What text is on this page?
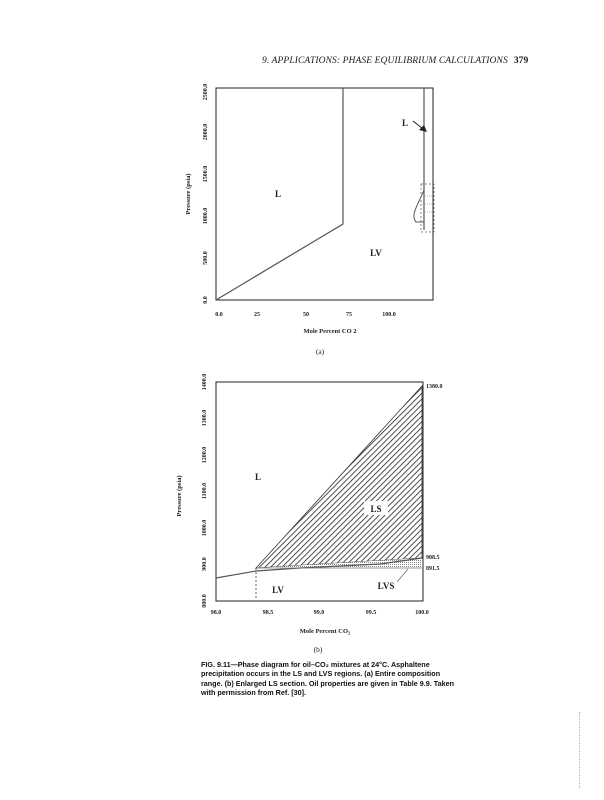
9. APPLICATIONS: PHASE EQUILIBRIUM CALCULATIONS 379
0.0
500.0
1000.0
1500.0
2000.0
2500.0
Pressure (psia)
0.0	25	50	75	100.0
Mole Percent CO 2
L
LV
L
(a)
800.0
900.0
1000.0
1100.0
1200.0
1300.0
1400.0
Pressure (psia)
98.0	98.5	99.0	99.5	100.0
Mole Percent $CO_2$
L
LS
LV	LVS
1380.0
908.5
891.5
(b)
FIG. 9.11—Phase diagram for oil–CO₂ mixtures at 24°C. Asphaltene precipitation occurs in the LS and LVS regions. (a) Entire composition range. (b) Enlarged LS section. Oil properties are given in Table 9.9. Taken with permission from Ref. [30].
